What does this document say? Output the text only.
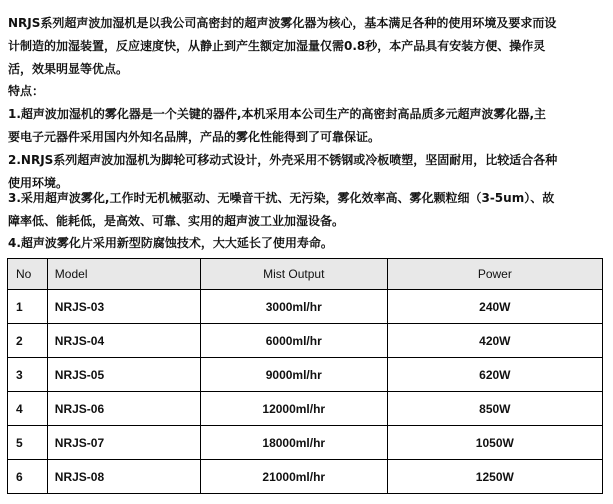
NRJS系列超声波加湿机是以我公司高密封的超声波雾化器为核心，基本满足各种的使用环境及要求而设
计制造的加湿装置，反应速度快，从静止到产生额定加湿量仅需0.8秒，本产品具有安装方便、操作灵
活，效果明显等优点。
特点：
1.超声波加湿机的雾化器是一个关键的器件,本机采用本公司生产的高密封高品质多元超声波雾化器,主
要电子元器件采用国内外知名品牌，产品的雾化性能得到了可靠保证。
2.NRJS系列超声波加湿机为脚轮可移动式设计，外壳采用不锈钢或冷板喷塑，坚固耐用，比较适合各种
使用环境。
3.采用超声波雾化,工作时无机械驱动、无噪音干扰、无污染，雾化效率高、雾化颗粒细（3-5um）、故
障率低、能耗低，是高效、可靠、实用的超声波工业加湿设备。
4.超声波雾化片采用新型防腐蚀技术，大大延长了使用寿命。
No	Model	Mist Output	Power
1	NRJS-03	3000ml/hr	240W
2	NRJS-04	6000ml/hr	420W
3	NRJS-05	9000ml/hr	620W
4	NRJS-06	12000ml/hr	850W
5	NRJS-07	18000ml/hr	1050W
6	NRJS-08	21000ml/hr	1250W
